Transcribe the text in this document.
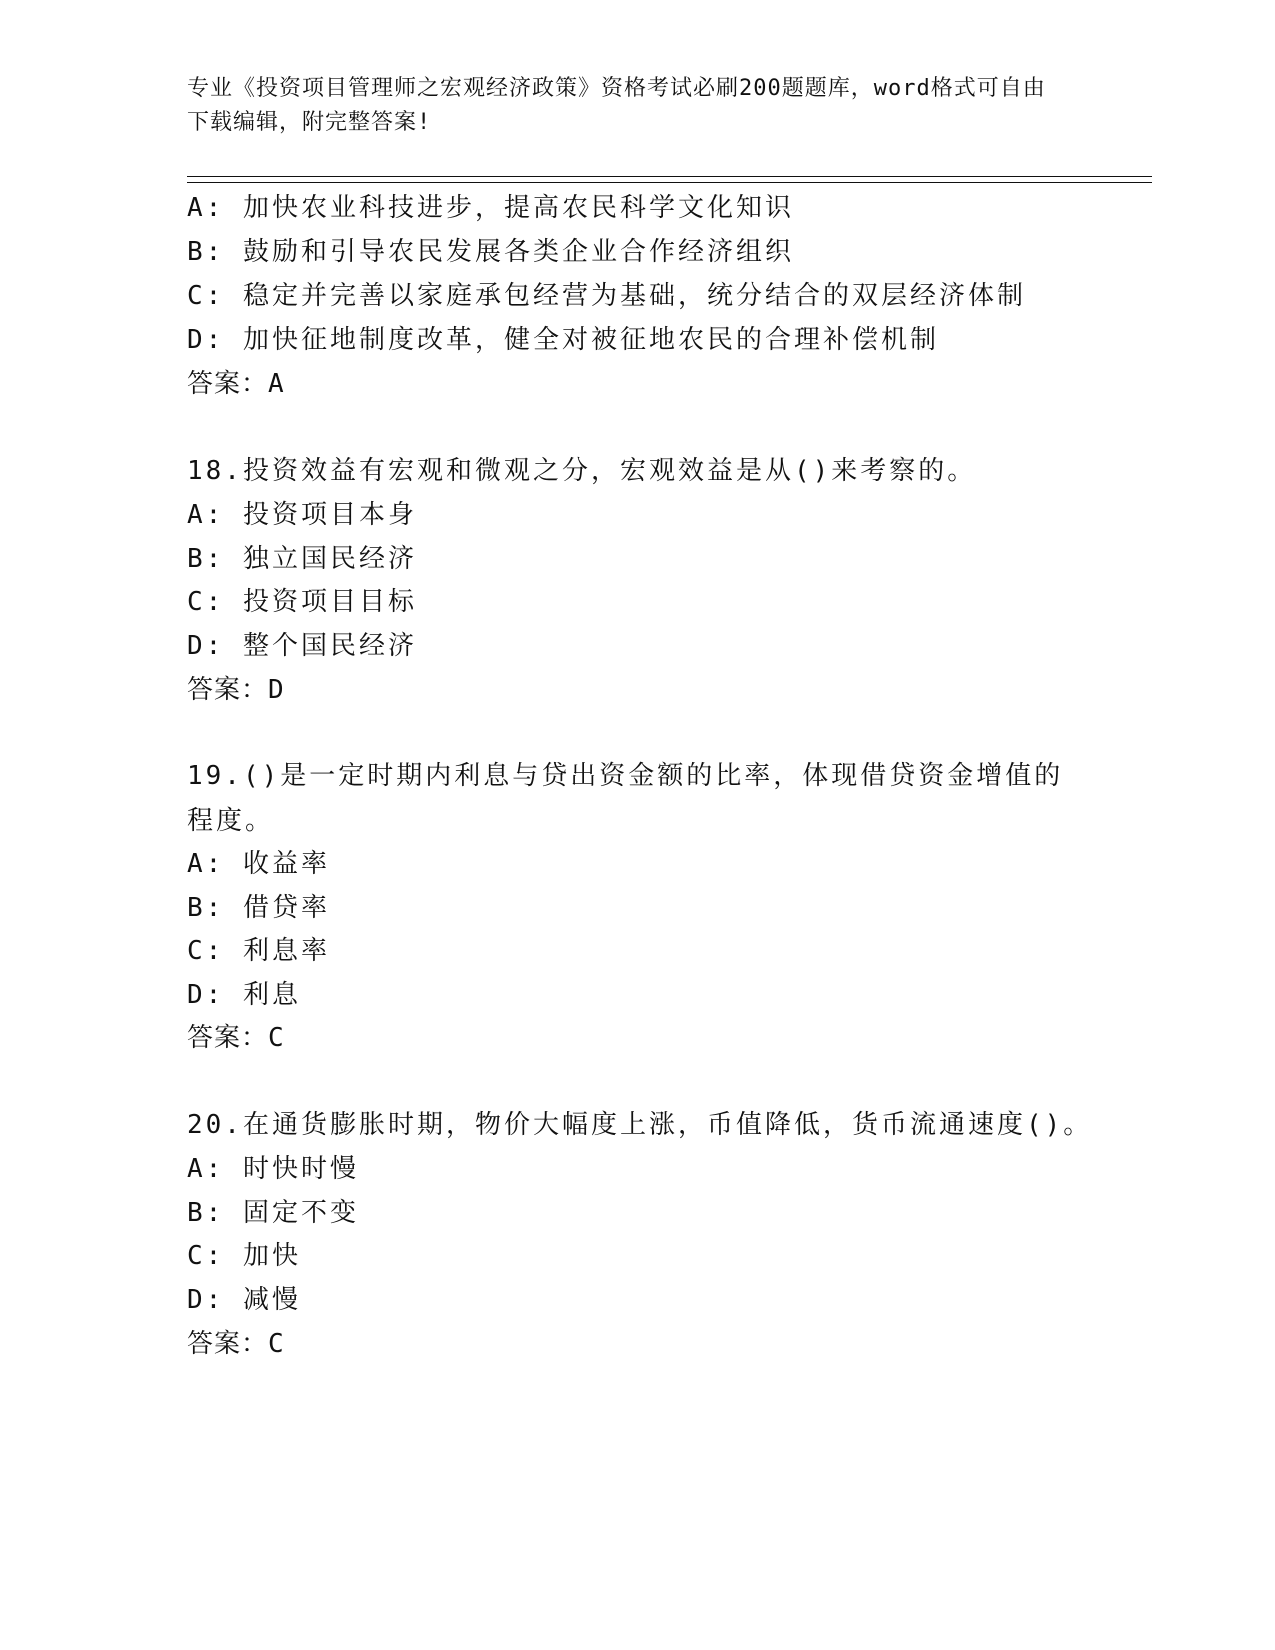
专业《投资项目管理师之宏观经济政策》资格考试必刷200题题库，word格式可自由下载编辑，附完整答案!
A: 加快农业科技进步，提高农民科学文化知识
B: 鼓励和引导农民发展各类企业合作经济组织
C: 稳定并完善以家庭承包经营为基础，统分结合的双层经济体制
D: 加快征地制度改革，健全对被征地农民的合理补偿机制
答案：A
18.投资效益有宏观和微观之分，宏观效益是从()来考察的。
A: 投资项目本身
B: 独立国民经济
C: 投资项目目标
D: 整个国民经济
答案：D
19.()是一定时期内利息与贷出资金额的比率，体现借贷资金增值的程度。
A: 收益率
B: 借贷率
C: 利息率
D: 利息
答案：C
20.在通货膨胀时期，物价大幅度上涨，币值降低，货币流通速度()。
A: 时快时慢
B: 固定不变
C: 加快
D: 减慢
答案：C
